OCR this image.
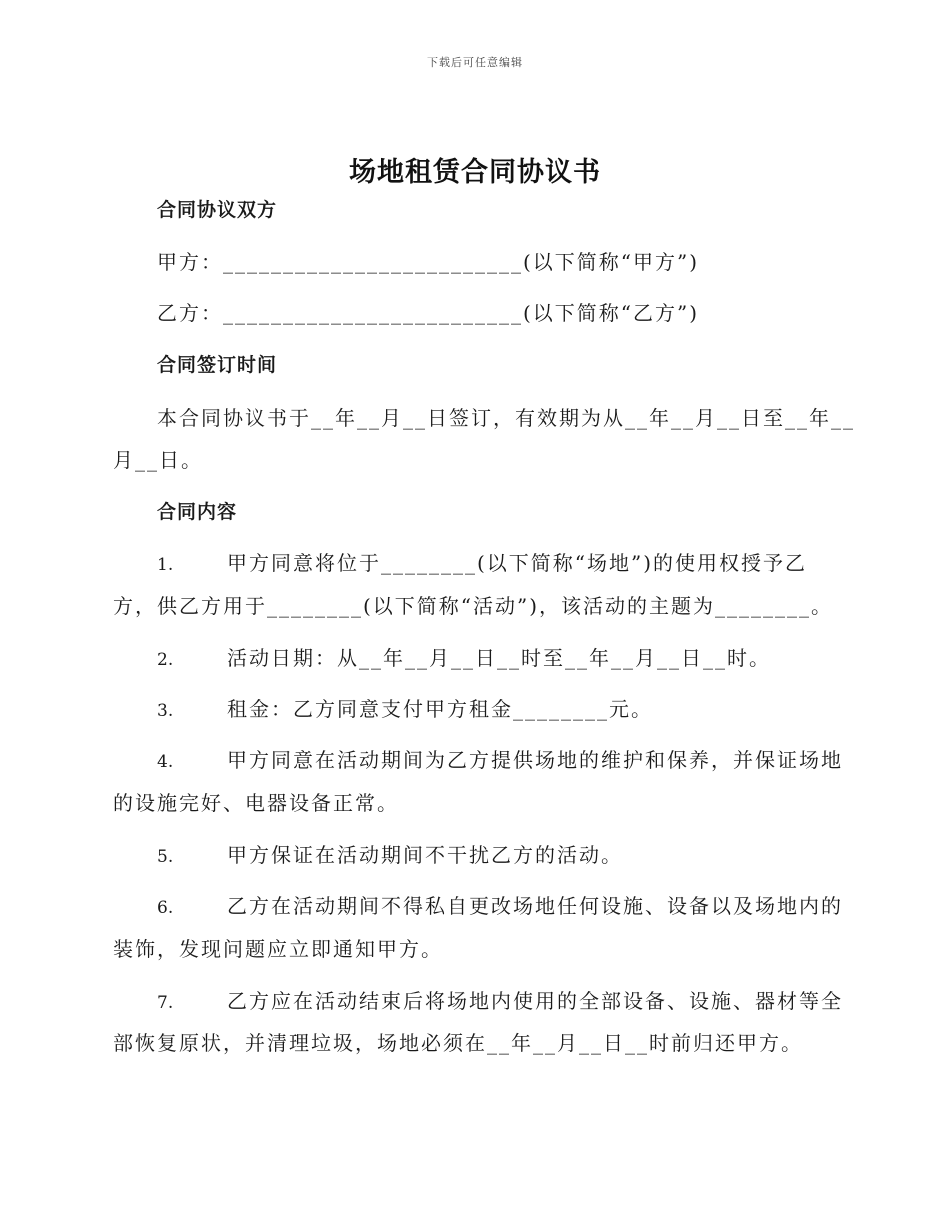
下载后可任意编辑
场地租赁合同协议书
合同协议双方
甲方：_________________________(以下简称“甲方”)
乙方：_________________________(以下简称“乙方”)
合同签订时间
本合同协议书于__年__月__日签订，有效期为从__年__月__日至__年__
月__日。
合同内容
1.	甲方同意将位于________(以下简称“场地”)的使用权授予乙
方，供乙方用于________(以下简称“活动”)，该活动的主题为________。
2.	活动日期：从__年__月__日__时至__年__月__日__时。
3.	租金：乙方同意支付甲方租金________元。
4.	甲方同意在活动期间为乙方提供场地的维护和保养，并保证场地
的设施完好、电器设备正常。
5.	甲方保证在活动期间不干扰乙方的活动。
6.	乙方在活动期间不得私自更改场地任何设施、设备以及场地内的
装饰，发现问题应立即通知甲方。
7.	乙方应在活动结束后将场地内使用的全部设备、设施、器材等全
部恢复原状，并清理垃圾，场地必须在__年__月__日__时前归还甲方。
